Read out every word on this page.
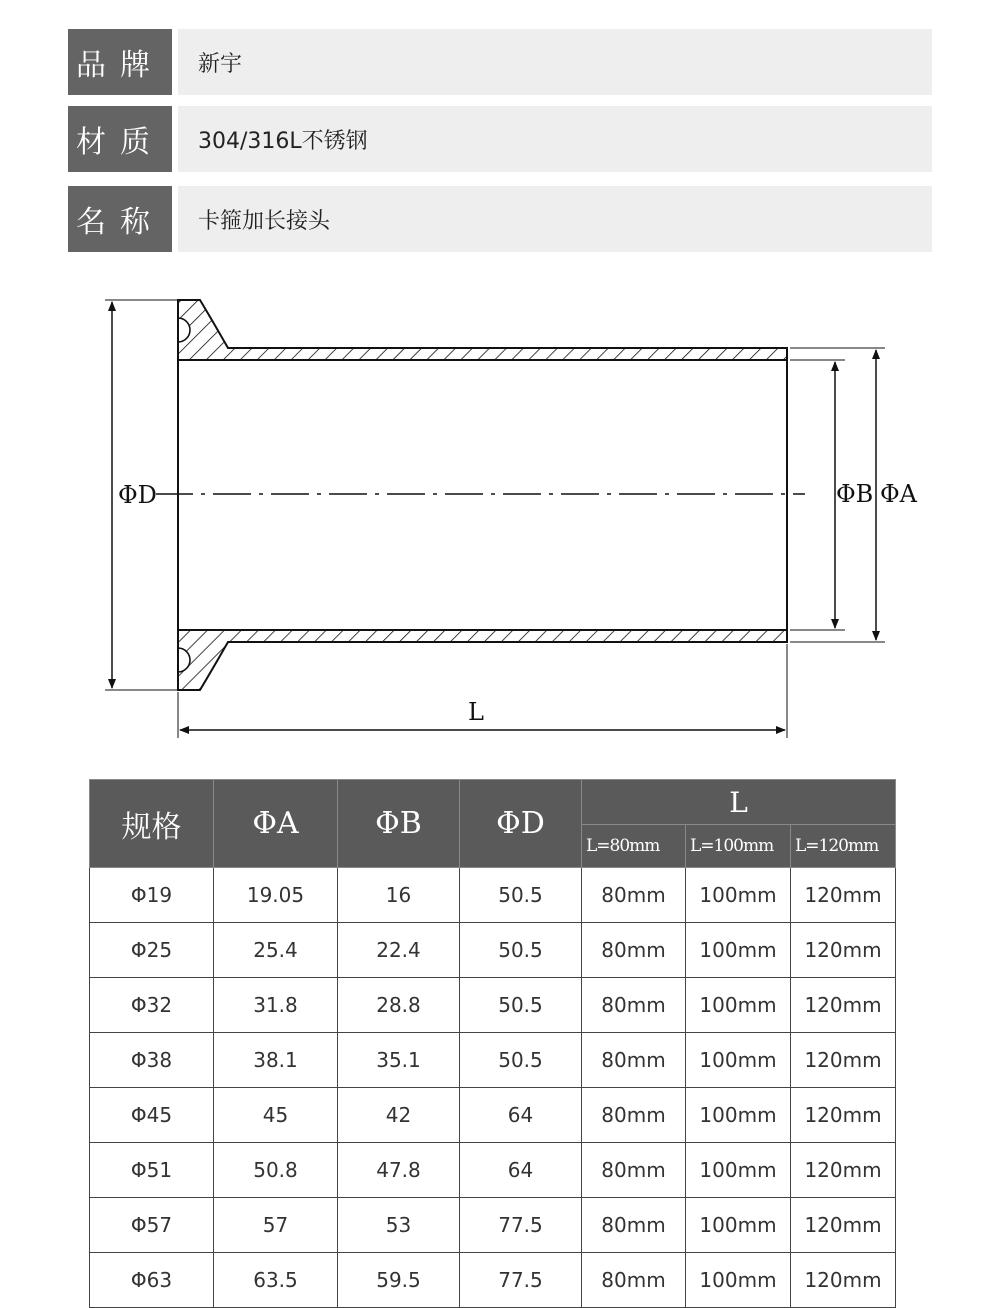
品牌	新宇
材质	304/316L不锈钢
名称	卡箍加长接头
ΦD	ΦB ΦA
L
规格	ΦA	ΦB	ΦD	L		
				L=80mm	L=100mm	L=120mm
Φ19	19.05	16	50.5	80mm	100mm	120mm
Φ25	25.4	22.4	50.5	80mm	100mm	120mm
Φ32	31.8	28.8	50.5	80mm	100mm	120mm
Φ38	38.1	35.1	50.5	80mm	100mm	120mm
Φ45	45	42	64	80mm	100mm	120mm
Φ51	50.8	47.8	64	80mm	100mm	120mm
Φ57	57	53	77.5	80mm	100mm	120mm
Φ63	63.5	59.5	77.5	80mm	100mm	120mm
